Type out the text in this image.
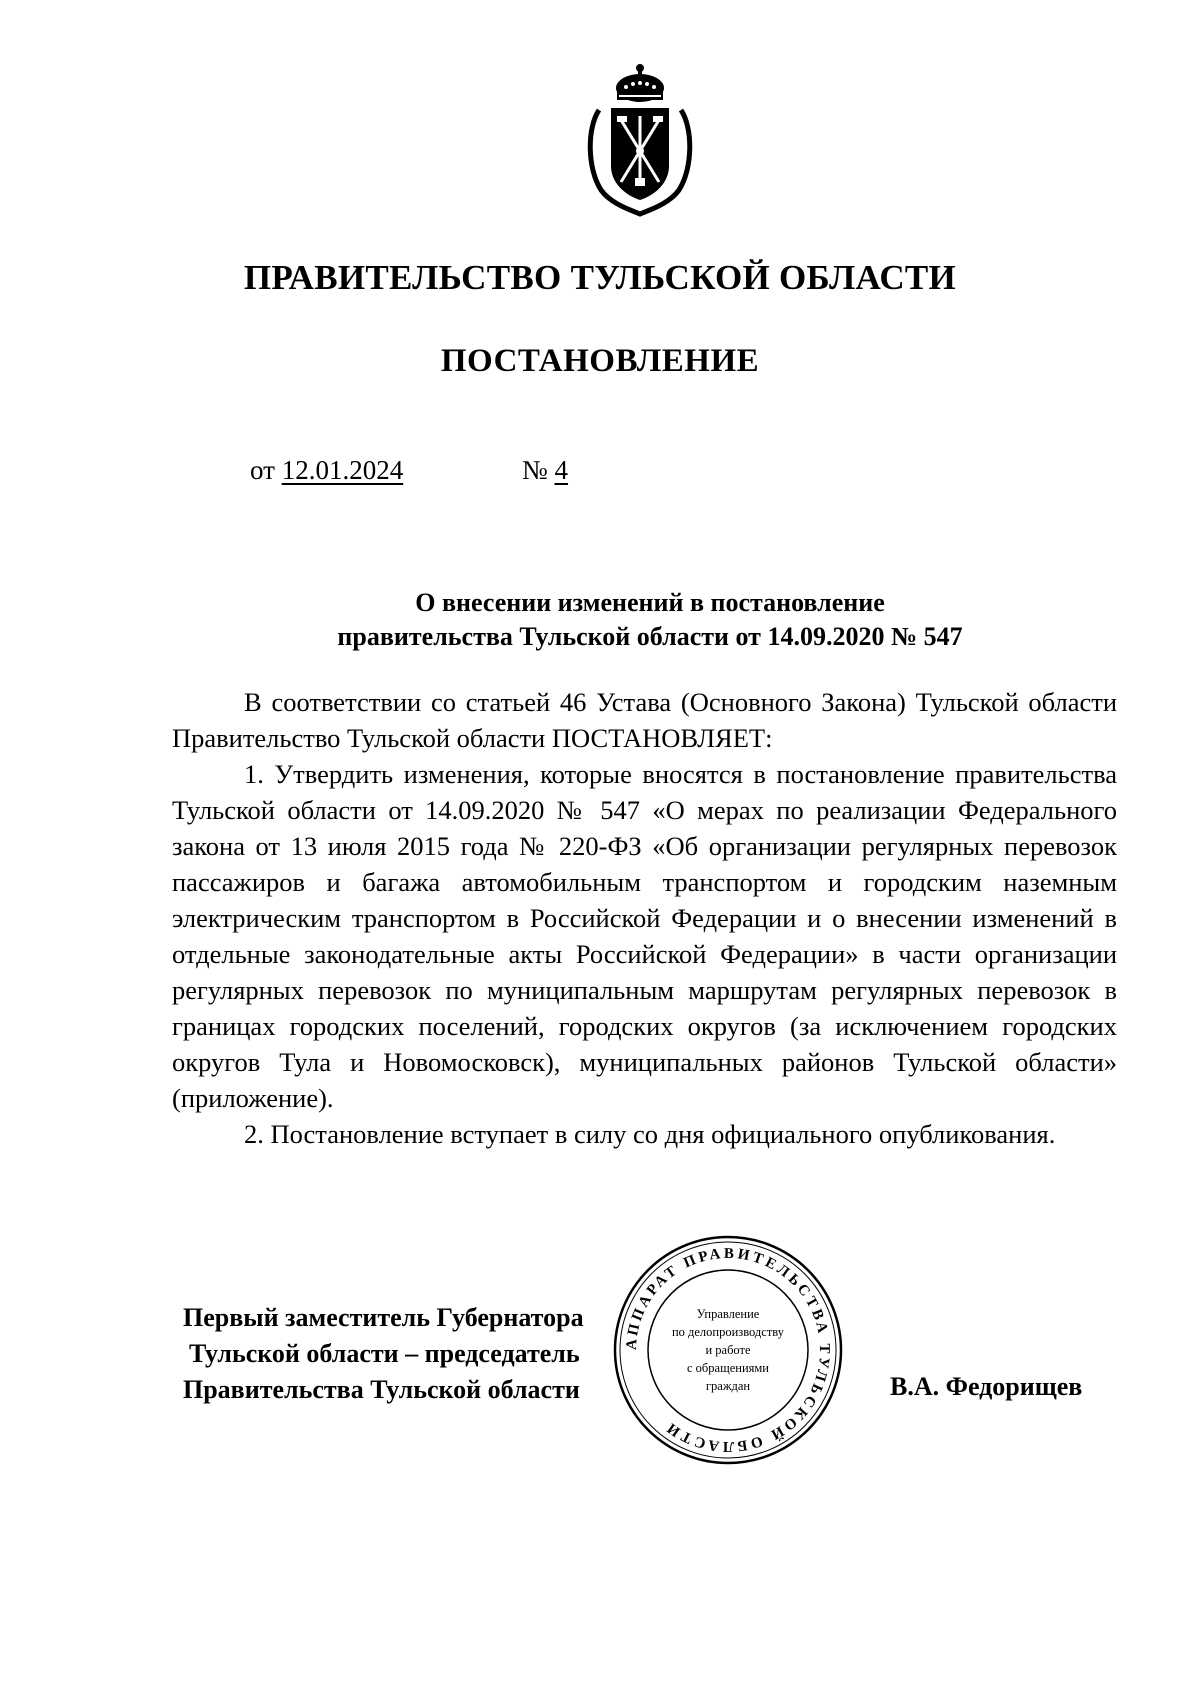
ПРАВИТЕЛЬСТВО ТУЛЬСКОЙ ОБЛАСТИ
ПОСТАНОВЛЕНИЕ
от 12.01.2024	№ 4
О внесении изменений в постановление
правительства Тульской области от 14.09.2020 № 547

В соответствии со статьей 46 Устава (Основного Закона) Тульской области Правительство Тульской области ПОСТАНОВЛЯЕТ:

1. Утвердить изменения, которые вносятся в постановление правительства Тульской области от 14.09.2020 № 547 «О мерах по реализации Федерального закона от 13 июля 2015 года № 220-ФЗ «Об организации регулярных перевозок пассажиров и багажа автомобильным транспортом и городским наземным электрическим транспортом в Российской Федерации и о внесении изменений в отдельные законодательные акты Российской Федерации» в части организации регулярных перевозок по муниципальным маршрутам регулярных перевозок в границах городских поселений, городских округов (за исключением городских округов Тула и Новомосковск), муниципальных районов Тульской области» (приложение).

2. Постановление вступает в силу со дня официального опубликования.

Первый заместитель Губернатора
Тульской области – председатель
Правительства Тульской области	В.А. Федорищев
АППАРАТ ПРАВИТЕЛЬСТВА ТУЛЬСКОЙ ОБЛАСТИ
Управление
по делопроизводству
и работе
с обращениями
граждан
